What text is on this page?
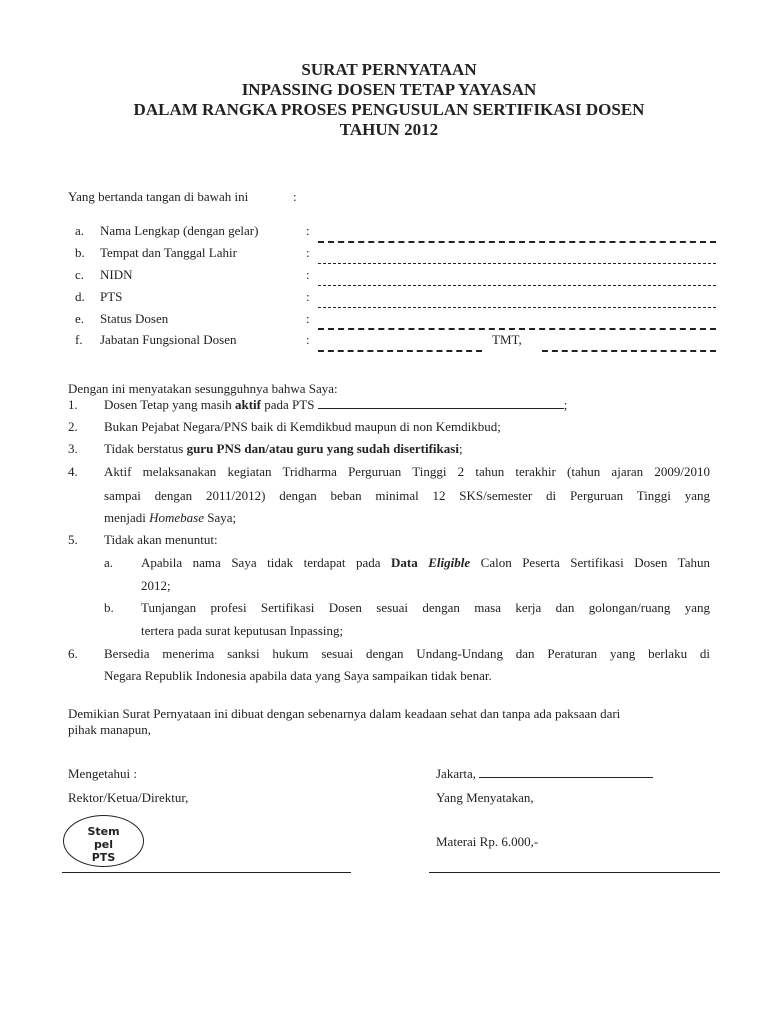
SURAT PERNYATAAN
INPASSING DOSEN TETAP YAYASAN
DALAM RANGKA PROSES PENGUSULAN SERTIFIKASI DOSEN
TAHUN 2012
Yang bertanda tangan di bawah ini	:
a. Nama Lengkap (dengan gelar)	:
b. Tempat dan Tanggal Lahir	:
c. NIDN	:
d. PTS	:
e. Status Dosen	:
f. Jabatan Fungsional Dosen	:	TMT,
Dengan ini menyatakan sesungguhnya bahwa Saya:
1. Dosen Tetap yang masih aktif pada PTS	;
2. Bukan Pejabat Negara/PNS baik di Kemdikbud maupun di non Kemdikbud;
3. Tidak berstatus guru PNS dan/atau guru yang sudah disertifikasi;
4. Aktif melaksanakan kegiatan Tridharma Perguruan Tinggi 2 tahun terakhir (tahun ajaran 2009/2010
sampai dengan 2011/2012) dengan beban minimal 12 SKS/semester di Perguruan Tinggi yang
menjadi Homebase Saya;
5. Tidak akan menuntut:
a. Apabila nama Saya tidak terdapat pada Data Eligible Calon Peserta Sertifikasi Dosen Tahun
2012;
b. Tunjangan profesi Sertifikasi Dosen sesuai dengan masa kerja dan golongan/ruang yang
tertera pada surat keputusan Inpassing;
6. Bersedia menerima sanksi hukum sesuai dengan Undang-Undang dan Peraturan yang berlaku di
Negara Republik Indonesia apabila data yang Saya sampaikan tidak benar.
Demikian Surat Pernyataan ini dibuat dengan sebenarnya dalam keadaan sehat dan tanpa ada paksaan dari
pihak manapun,
Mengetahui :
Rektor/Ketua/Direktur,
Jakarta,
Yang Menyatakan,
Materai Rp. 6.000,-
Stem
pel
PTS
